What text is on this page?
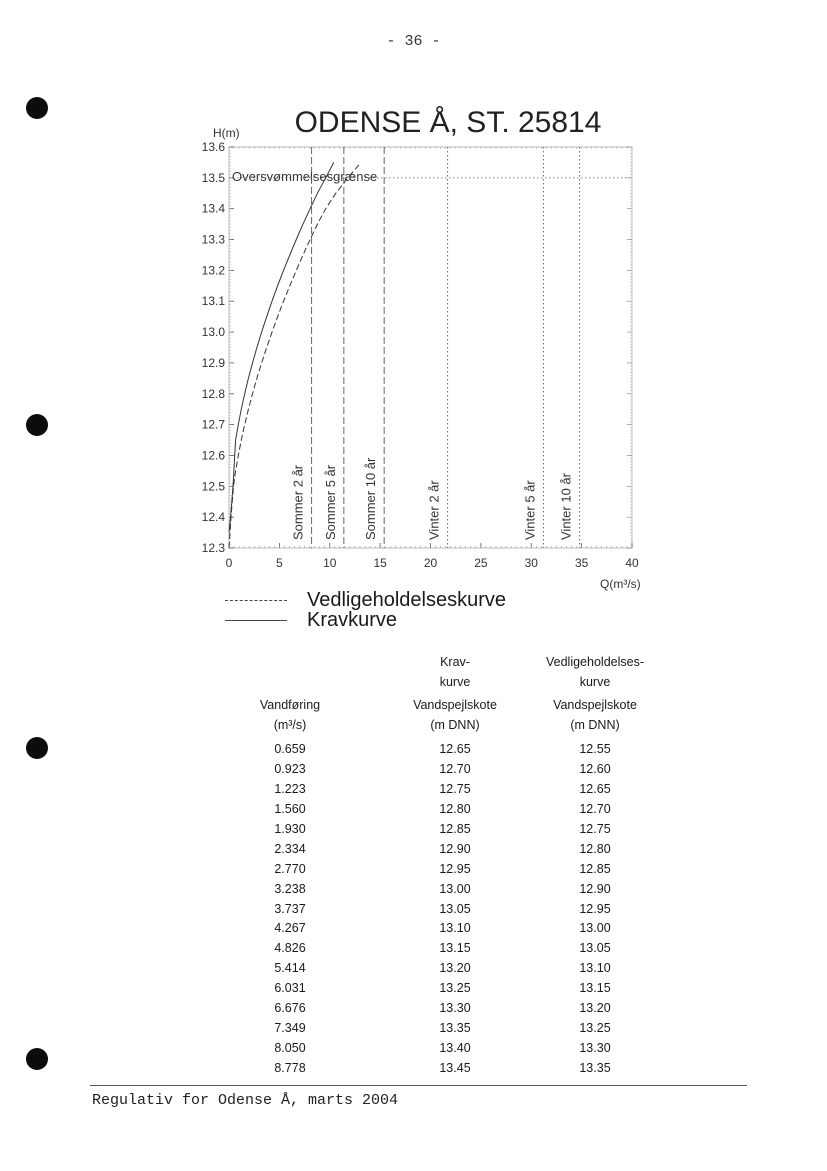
- 36 -
ODENSE Å, ST. 25814
H(m)
Q(m³/s)
0	5	10	15	20	25	30	35	40
12.3
12.4
12.5
12.6
12.7
12.8
12.9
13.0
13.1
13.2
13.3
13.4
13.5
13.6
Oversvømmelsesgrænse
Sommer 2 år Sommer 5 år Sommer 10 år	Vinter 2 år	Vinter 5 år Vinter 10 år
Vedligeholdelseskurve
Kravkurve
Vandføring
(m³/s)
Krav-
kurve
Vandspejlskote
(m DNN)
Vedligeholdelses-
kurve
Vandspejlskote
(m DNN)
0.659	12.65	12.55
0.923	12.70	12.60
1.223	12.75	12.65
1.560	12.80	12.70
1.930	12.85	12.75
2.334	12.90	12.80
2.770	12.95	12.85
3.238	13.00	12.90
3.737	13.05	12.95
4.267	13.10	13.00
4.826	13.15	13.05
5.414	13.20	13.10
6.031	13.25	13.15
6.676	13.30	13.20
7.349	13.35	13.25
8.050	13.40	13.30
8.778	13.45	13.35
Regulativ for Odense Å, marts 2004
